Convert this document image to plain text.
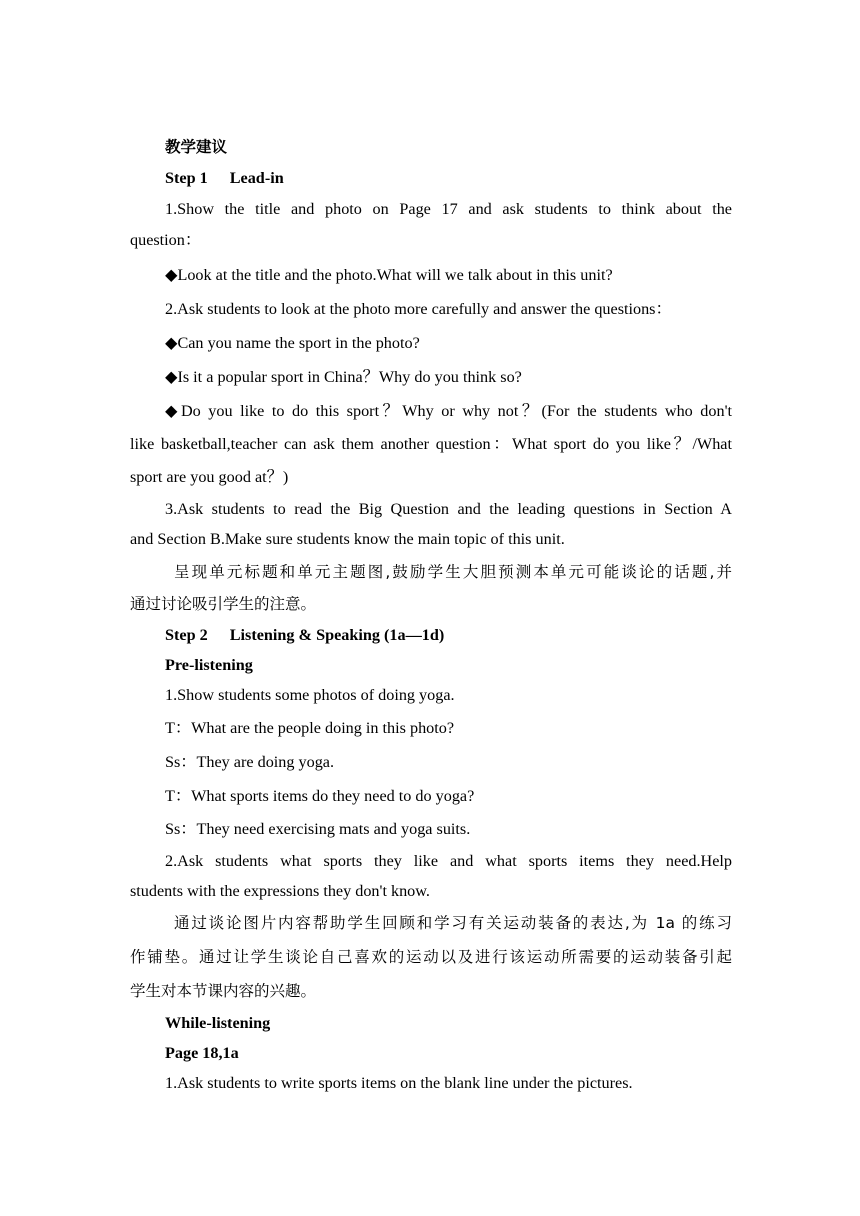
教学建议
Step 1 Lead-in
1.Show the title and photo on Page 17 and ask students to think about the
question：
◆Look at the title and the photo.What will we talk about in this unit?
2.Ask students to look at the photo more carefully and answer the questions：
◆Can you name the sport in the photo?
◆Is it a popular sport in China？Why do you think so?
◆Do you like to do this sport？Why or why not？(For the students who don't
like basketball,teacher can ask them another question：What sport do you like？/What
sport are you good at？)
3.Ask students to read the Big Question and the leading questions in Section A
and Section B.Make sure students know the main topic of this unit.
呈现单元标题和单元主题图,鼓励学生大胆预测本单元可能谈论的话题,并
通过讨论吸引学生的注意。
Step 2 Listening & Speaking (1a—1d)
Pre-listening
1.Show students some photos of doing yoga.
T：What are the people doing in this photo?
Ss：They are doing yoga.
T：What sports items do they need to do yoga?
Ss：They need exercising mats and yoga suits.
2.Ask students what sports they like and what sports items they need.Help
students with the expressions they don't know.
通过谈论图片内容帮助学生回顾和学习有关运动装备的表达,为 1a 的练习
作铺垫。通过让学生谈论自己喜欢的运动以及进行该运动所需要的运动装备引起
学生对本节课内容的兴趣。
While-listening
Page 18,1a
1.Ask students to write sports items on the blank line under the pictures.
